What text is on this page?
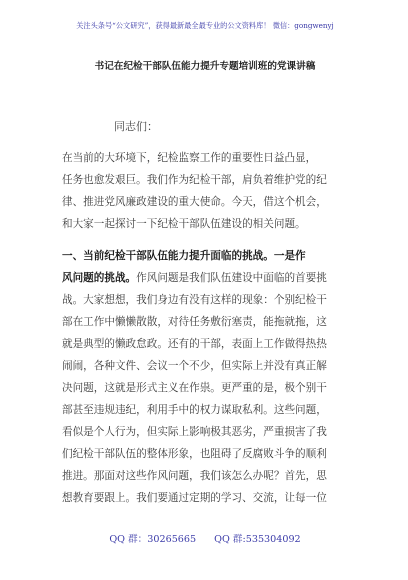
关注头条号“公文研究”，获得最新最全最专业的公文资料库！ 微信：gongwenyj
书记在纪检干部队伍能力提升专题培训班的党课讲稿
同志们：
在当前的大环境下，纪检监察工作的重要性日益凸显，
任务也愈发艰巨。我们作为纪检干部，肩负着维护党的纪
律、推进党风廉政建设的重大使命。今天，借这个机会，
和大家一起探讨一下纪检干部队伍建设的相关问题。
一、当前纪检干部队伍能力提升面临的挑战。一是作
风问题的挑战。作风问题是我们队伍建设中面临的首要挑
战。大家想想，我们身边有没有这样的现象：个别纪检干
部在工作中懒懒散散，对待任务敷衍塞责，能拖就拖，这
就是典型的懒政怠政。还有的干部，表面上工作做得热热
闹闹，各种文件、会议一个不少，但实际上并没有真正解
决问题，这就是形式主义在作祟。更严重的是，极个别干
部甚至违规违纪，利用手中的权力谋取私利。这些问题，
看似是个人行为，但实际上影响极其恶劣，严重损害了我
们纪检干部队伍的整体形象，也阻碍了反腐败斗争的顺利
推进。那面对这些作风问题，我们该怎么办呢？首先，思
想教育要跟上。我们要通过定期的学习、交流，让每一位
QQ 群：30265665 QQ 群:535304092
